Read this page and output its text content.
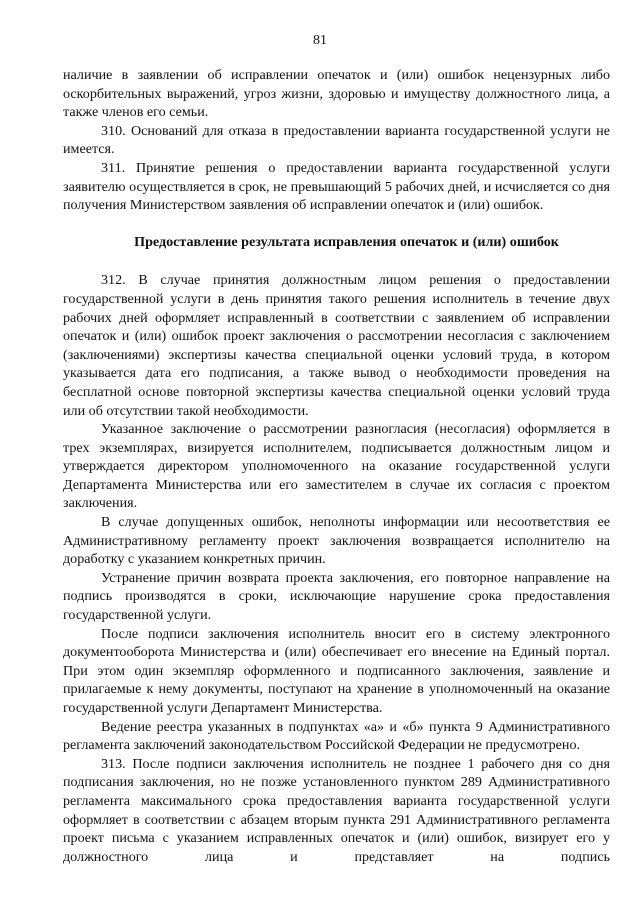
81

наличие в заявлении об исправлении опечаток и (или) ошибок нецензурных либо оскорбительных выражений, угроз жизни, здоровью и имуществу должностного лица, а также членов его семьи.

310. Оснований для отказа в предоставлении варианта государственной услуги не имеется.

311. Принятие решения о предоставлении варианта государственной услуги заявителю осуществляется в срок, не превышающий 5 рабочих дней, и исчисляется со дня получения Министерством заявления об исправлении опечаток и (или) ошибок.

Предоставление результата исправления опечаток и (или) ошибок

312. В случае принятия должностным лицом решения о предоставлении государственной услуги в день принятия такого решения исполнитель в течение двух рабочих дней оформляет исправленный в соответствии с заявлением об исправлении опечаток и (или) ошибок проект заключения о рассмотрении несогласия с заключением (заключениями) экспертизы качества специальной оценки условий труда, в котором указывается дата его подписания, а также вывод о необходимости проведения на бесплатной основе повторной экспертизы качества специальной оценки условий труда или об отсутствии такой необходимости.

Указанное заключение о рассмотрении разногласия (несогласия) оформляется в трех экземплярах, визируется исполнителем, подписывается должностным лицом и утверждается директором уполномоченного на оказание государственной услуги Департамента Министерства или его заместителем в случае их согласия с проектом заключения.

В случае допущенных ошибок, неполноты информации или несоответствия ее Административному регламенту проект заключения возвращается исполнителю на доработку с указанием конкретных причин.

Устранение причин возврата проекта заключения, его повторное направление на подпись производятся в сроки, исключающие нарушение срока предоставления государственной услуги.

После подписи заключения исполнитель вносит его в систему электронного документооборота Министерства и (или) обеспечивает его внесение на Единый портал. При этом один экземпляр оформленного и подписанного заключения, заявление и прилагаемые к нему документы, поступают на хранение в уполномоченный на оказание государственной услуги Департамент Министерства.

Ведение реестра указанных в подпунктах «а» и «б» пункта 9 Административного регламента заключений законодательством Российской Федерации не предусмотрено.

313. После подписи заключения исполнитель не позднее 1 рабочего дня со дня подписания заключения, но не позже установленного пунктом 289 Административного регламента максимального срока предоставления варианта государственной услуги оформляет в соответствии с абзацем вторым пункта 291 Административного регламента проект письма с указанием исправленных опечаток и (или) ошибок, визирует его у должностного лица и представляет на подпись
